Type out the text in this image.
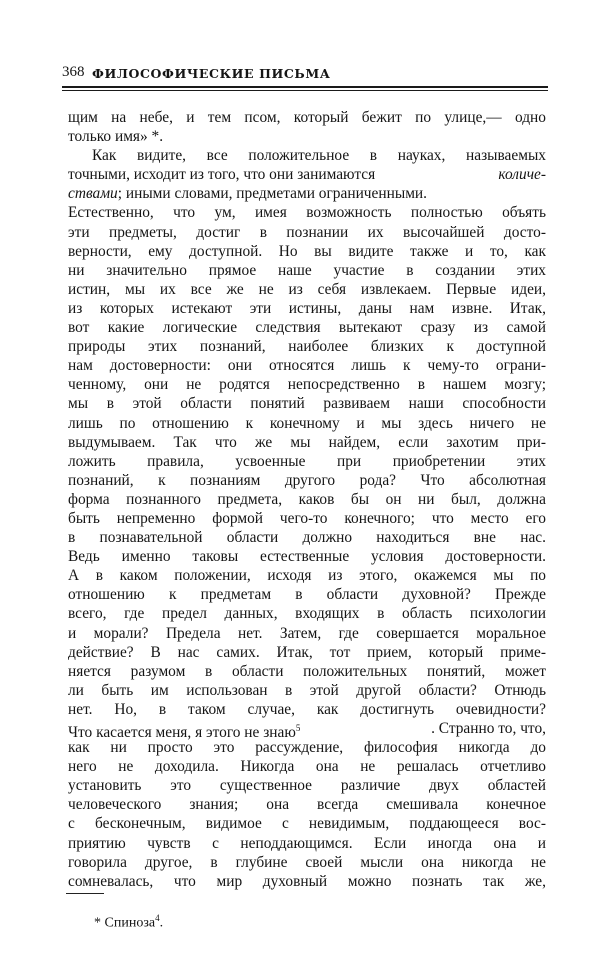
368 ФИЛОСОФИЧЕСКИЕ ПИСЬМА
щим на небе, и тем псом, который бежит по улице,— одно
только имя» *.
Как видите, все положительное в науках, называемых
точными, исходит из того, что они занимаются	количе-
ствами; иными словами, предметами ограниченными.
Естественно, что ум, имея возможность полностью объять
эти предметы, достиг в познании их высочайшей досто-
верности, ему доступной. Но вы видите также и то, как
ни значительно прямое наше участие в создании этих
истин, мы их все же не из себя извлекаем. Первые идеи,
из которых истекают эти истины, даны нам извне. Итак,
вот какие логические следствия вытекают сразу из самой
природы этих познаний, наиболее близких к доступной
нам достоверности: они относятся лишь к чему-то ограни-
ченному, они не родятся непосредственно в нашем мозгу;
мы в этой области понятий развиваем наши способности
лишь по отношению к конечному и мы здесь ничего не
выдумываем. Так что же мы найдем, если захотим при-
ложить правила, усвоенные при приобретении этих
познаний, к познаниям другого рода? Что абсолютная
форма познанного предмета, каков бы он ни был, должна
быть непременно формой чего-то конечного; что место его
в познавательной области должно находиться вне нас.
Ведь именно таковы естественные условия достоверности.
А в каком положении, исходя из этого, окажемся мы по
отношению к предметам в области духовной? Прежде
всего, где предел данных, входящих в область психологии
и морали? Предела нет. Затем, где совершается моральное
действие? В нас самих. Итак, тот прием, который приме-
няется разумом в области положительных понятий, может
ли быть им использован в этой другой области? Отнюдь
нет. Но, в таком случае, как достигнуть очевидности?
Что касается меня, я этого не знаю$^5$	. Странно то, что,
как ни просто это рассуждение, философия никогда до
него не доходила. Никогда она не решалась отчетливо
установить это существенное различие двух областей
человеческого знания; она всегда смешивала конечное
с бесконечным, видимое с невидимым, поддающееся вос-
приятию чувств с неподдающимся. Если иногда она и
говорила другое, в глубине своей мысли она никогда не
сомневалась, что мир духовный можно познать так же,
* Спиноза$^4$.
